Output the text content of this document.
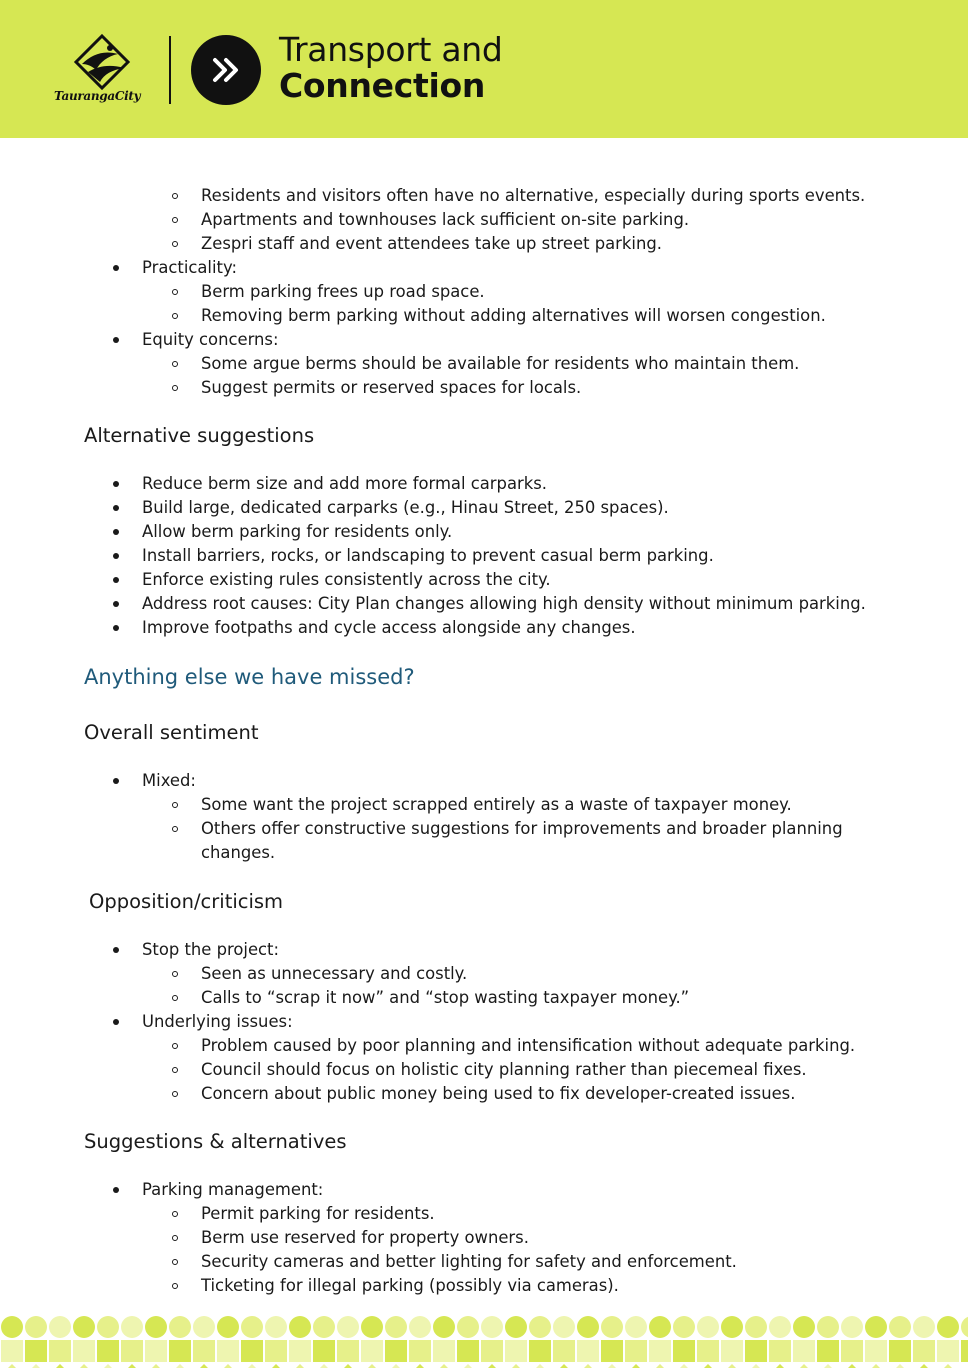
TaurangaCity
Transport and
Connection
Residents and visitors often have no alternative, especially during sports events.
Apartments and townhouses lack sufficient on-site parking.
Zespri staff and event attendees take up street parking.
Practicality:
Berm parking frees up road space.
Removing berm parking without adding alternatives will worsen congestion.
Equity concerns:
Some argue berms should be available for residents who maintain them.
Suggest permits or reserved spaces for locals.
Alternative suggestions
Reduce berm size and add more formal carparks.
Build large, dedicated carparks (e.g., Hinau Street, 250 spaces).
Allow berm parking for residents only.
Install barriers, rocks, or landscaping to prevent casual berm parking.
Enforce existing rules consistently across the city.
Address root causes: City Plan changes allowing high density without minimum parking.
Improve footpaths and cycle access alongside any changes.
Anything else we have missed?
Overall sentiment
Mixed:
Some want the project scrapped entirely as a waste of taxpayer money.
Others offer constructive suggestions for improvements and broader planning
changes.
Opposition/criticism
Stop the project:
Seen as unnecessary and costly.
Calls to “scrap it now” and “stop wasting taxpayer money.”
Underlying issues:
Problem caused by poor planning and intensification without adequate parking.
Council should focus on holistic city planning rather than piecemeal fixes.
Concern about public money being used to fix developer-created issues.
Suggestions & alternatives
Parking management:
Permit parking for residents.
Berm use reserved for property owners.
Security cameras and better lighting for safety and enforcement.
Ticketing for illegal parking (possibly via cameras).
